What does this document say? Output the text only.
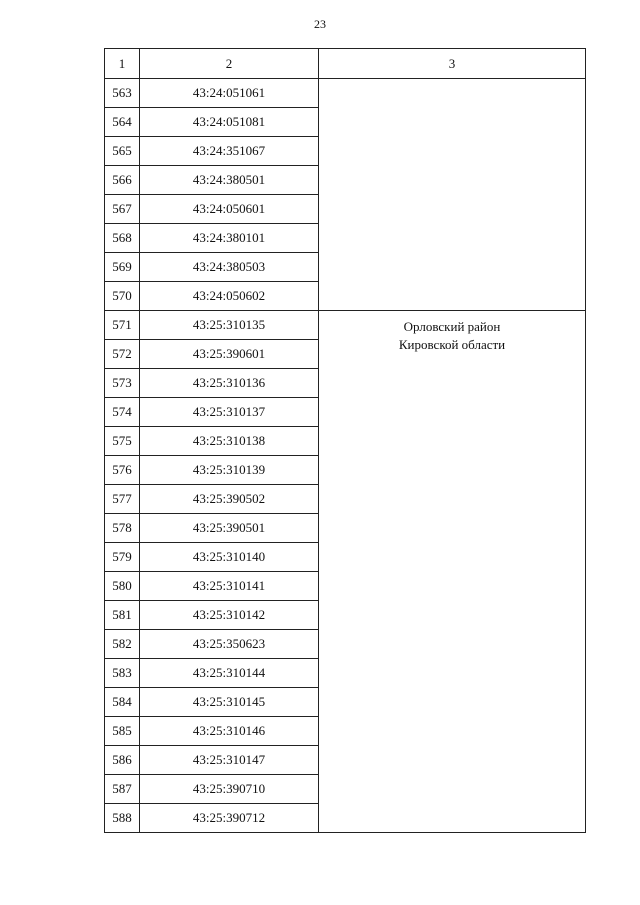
23
1	2	3
563	43:24:051061	
564	43:24:051081	
565	43:24:351067	
566	43:24:380501	
567	43:24:050601	
568	43:24:380101	
569	43:24:380503	
570	43:24:050602	
571	43:25:310135	Орловский район
Кировской области

572	43:25:390601	
573	43:25:310136	
574	43:25:310137	
575	43:25:310138	
576	43:25:310139	
577	43:25:390502	
578	43:25:390501	
579	43:25:310140	
580	43:25:310141	
581	43:25:310142	
582	43:25:350623	
583	43:25:310144	
584	43:25:310145	
585	43:25:310146	
586	43:25:310147	
587	43:25:390710	
588	43:25:390712	
